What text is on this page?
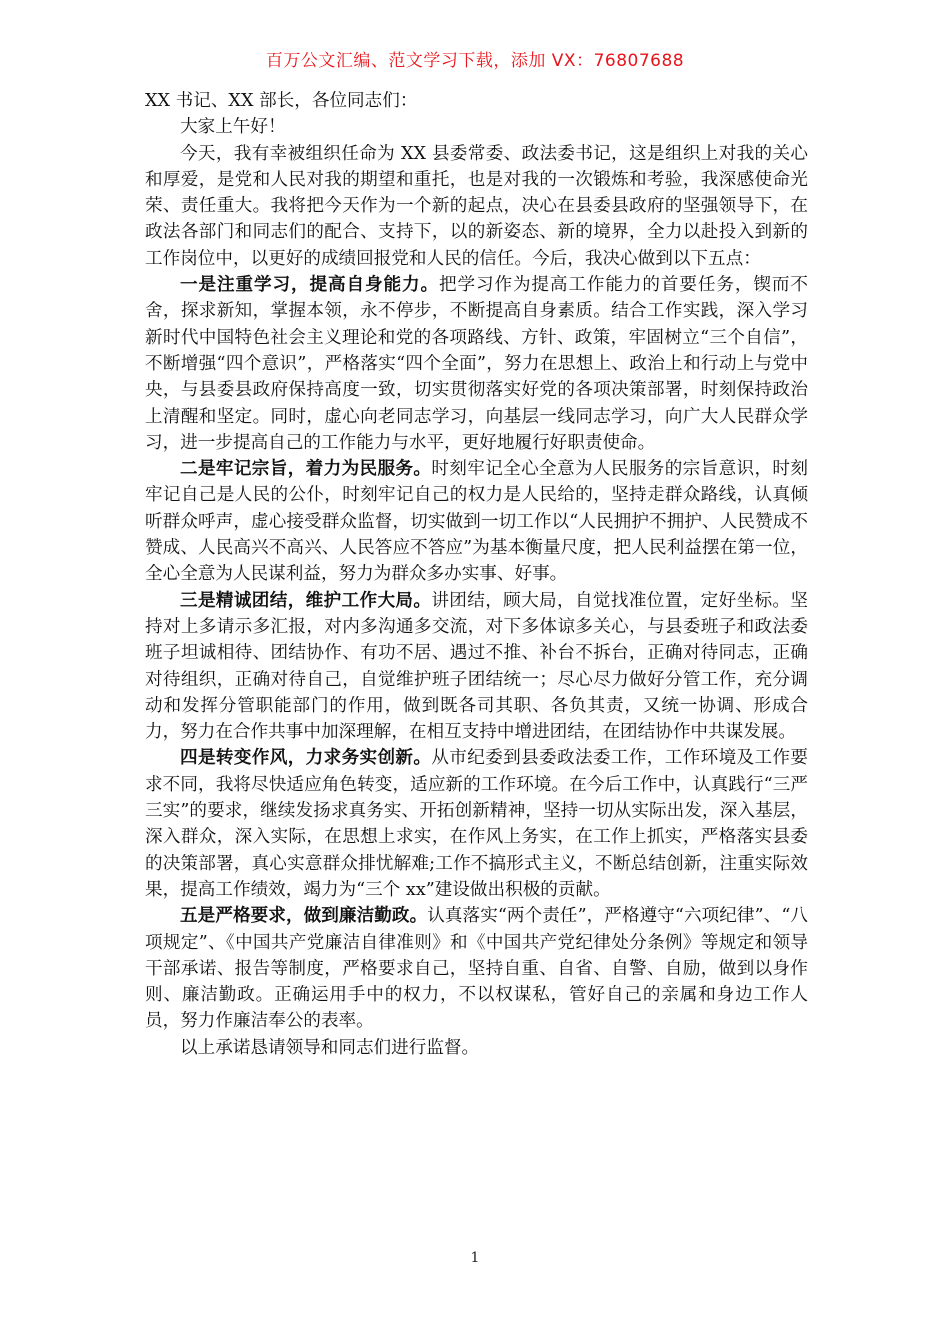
百万公文汇编、范文学习下载，添加 VX：76807688

XX 书记、XX 部长，各位同志们：

大家上午好！

今天，我有幸被组织任命为 XX 县委常委、政法委书记，这是组织上对我的关心和厚爱，是党和人民对我的期望和重托，也是对我的一次锻炼和考验，我深感使命光荣、责任重大。我将把今天作为一个新的起点，决心在县委县政府的坚强领导下，在政法各部门和同志们的配合、支持下，以的新姿态、新的境界，全力以赴投入到新的工作岗位中，以更好的成绩回报党和人民的信任。今后，我决心做到以下五点：

一是注重学习，提高自身能力。把学习作为提高工作能力的首要任务，锲而不舍，探求新知，掌握本领，永不停步，不断提高自身素质。结合工作实践，深入学习新时代中国特色社会主义理论和党的各项路线、方针、政策，牢固树立“三个自信”，不断增强“四个意识”，严格落实“四个全面”，努力在思想上、政治上和行动上与党中央，与县委县政府保持高度一致，切实贯彻落实好党的各项决策部署，时刻保持政治上清醒和坚定。同时，虚心向老同志学习，向基层一线同志学习，向广大人民群众学习，进一步提高自己的工作能力与水平，更好地履行好职责使命。

二是牢记宗旨，着力为民服务。时刻牢记全心全意为人民服务的宗旨意识，时刻牢记自己是人民的公仆，时刻牢记自己的权力是人民给的，坚持走群众路线，认真倾听群众呼声，虚心接受群众监督，切实做到一切工作以“人民拥护不拥护、人民赞成不赞成、人民高兴不高兴、人民答应不答应”为基本衡量尺度，把人民利益摆在第一位，全心全意为人民谋利益，努力为群众多办实事、好事。

三是精诚团结，维护工作大局。讲团结，顾大局，自觉找准位置，定好坐标。坚持对上多请示多汇报，对内多沟通多交流，对下多体谅多关心，与县委班子和政法委班子坦诚相待、团结协作、有功不居、遇过不推、补台不拆台，正确对待同志，正确对待组织，正确对待自己，自觉维护班子团结统一；尽心尽力做好分管工作，充分调动和发挥分管职能部门的作用，做到既各司其职、各负其责，又统一协调、形成合力，努力在合作共事中加深理解，在相互支持中增进团结，在团结协作中共谋发展。

四是转变作风，力求务实创新。从市纪委到县委政法委工作，工作环境及工作要求不同，我将尽快适应角色转变，适应新的工作环境。在今后工作中，认真践行“三严三实”的要求，继续发扬求真务实、开拓创新精神，坚持一切从实际出发，深入基层，深入群众，深入实际，在思想上求实，在作风上务实，在工作上抓实，严格落实县委的决策部署，真心实意群众排忧解难;工作不搞形式主义，不断总结创新，注重实际效果，提高工作绩效，竭力为“三个 xx”建设做出积极的贡献。

五是严格要求，做到廉洁勤政。认真落实“两个责任”，严格遵守“六项纪律”、“八项规定”、《中国共产党廉洁自律准则》和《中国共产党纪律处分条例》等规定和领导干部承诺、报告等制度，严格要求自己，坚持自重、自省、自警、自励，做到以身作则、廉洁勤政。正确运用手中的权力，不以权谋私，管好自己的亲属和身边工作人员，努力作廉洁奉公的表率。

以上承诺恳请领导和同志们进行监督。

1
